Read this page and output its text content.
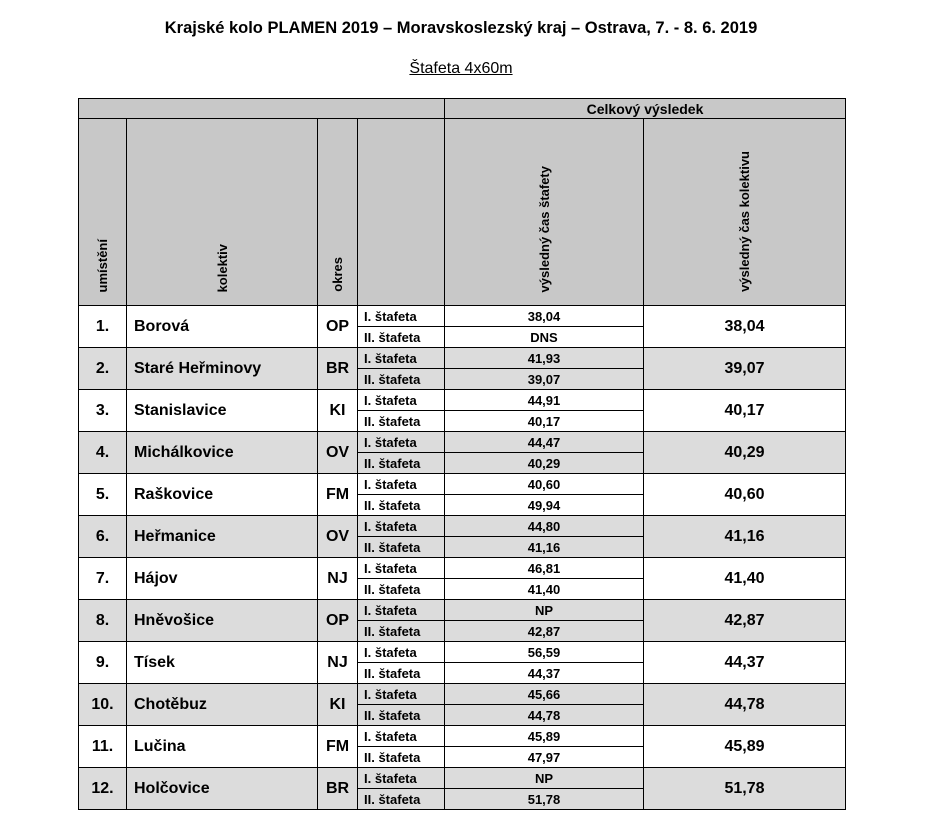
Krajské kolo PLAMEN 2019 – Moravskoslezský kraj – Ostrava, 7. - 8. 6. 2019
Štafeta 4x60m
				Celkový výsledek	
umístění	kolektiv	okres		výsledný čas štafety	výsledný čas kolektivu
1.	Borová	OP	I. štafeta	38,04	38,04
			II. štafeta	DNS	
2.	Staré Heřminovy	BR	I. štafeta	41,93	39,07
			II. štafeta	39,07	
3.	Stanislavice	KI	I. štafeta	44,91	40,17
			II. štafeta	40,17	
4.	Michálkovice	OV	I. štafeta	44,47	40,29
			II. štafeta	40,29	
5.	Raškovice	FM	I. štafeta	40,60	40,60
			II. štafeta	49,94	
6.	Heřmanice	OV	I. štafeta	44,80	41,16
			II. štafeta	41,16	
7.	Hájov	NJ	I. štafeta	46,81	41,40
			II. štafeta	41,40	
8.	Hněvošice	OP	I. štafeta	NP	42,87
			II. štafeta	42,87	
9.	Tísek	NJ	I. štafeta	56,59	44,37
			II. štafeta	44,37	
10.	Chotěbuz	KI	I. štafeta	45,66	44,78
			II. štafeta	44,78	
11.	Lučina	FM	I. štafeta	45,89	45,89
			II. štafeta	47,97	
12.	Holčovice	BR	I. štafeta	NP	51,78
			II. štafeta	51,78	
